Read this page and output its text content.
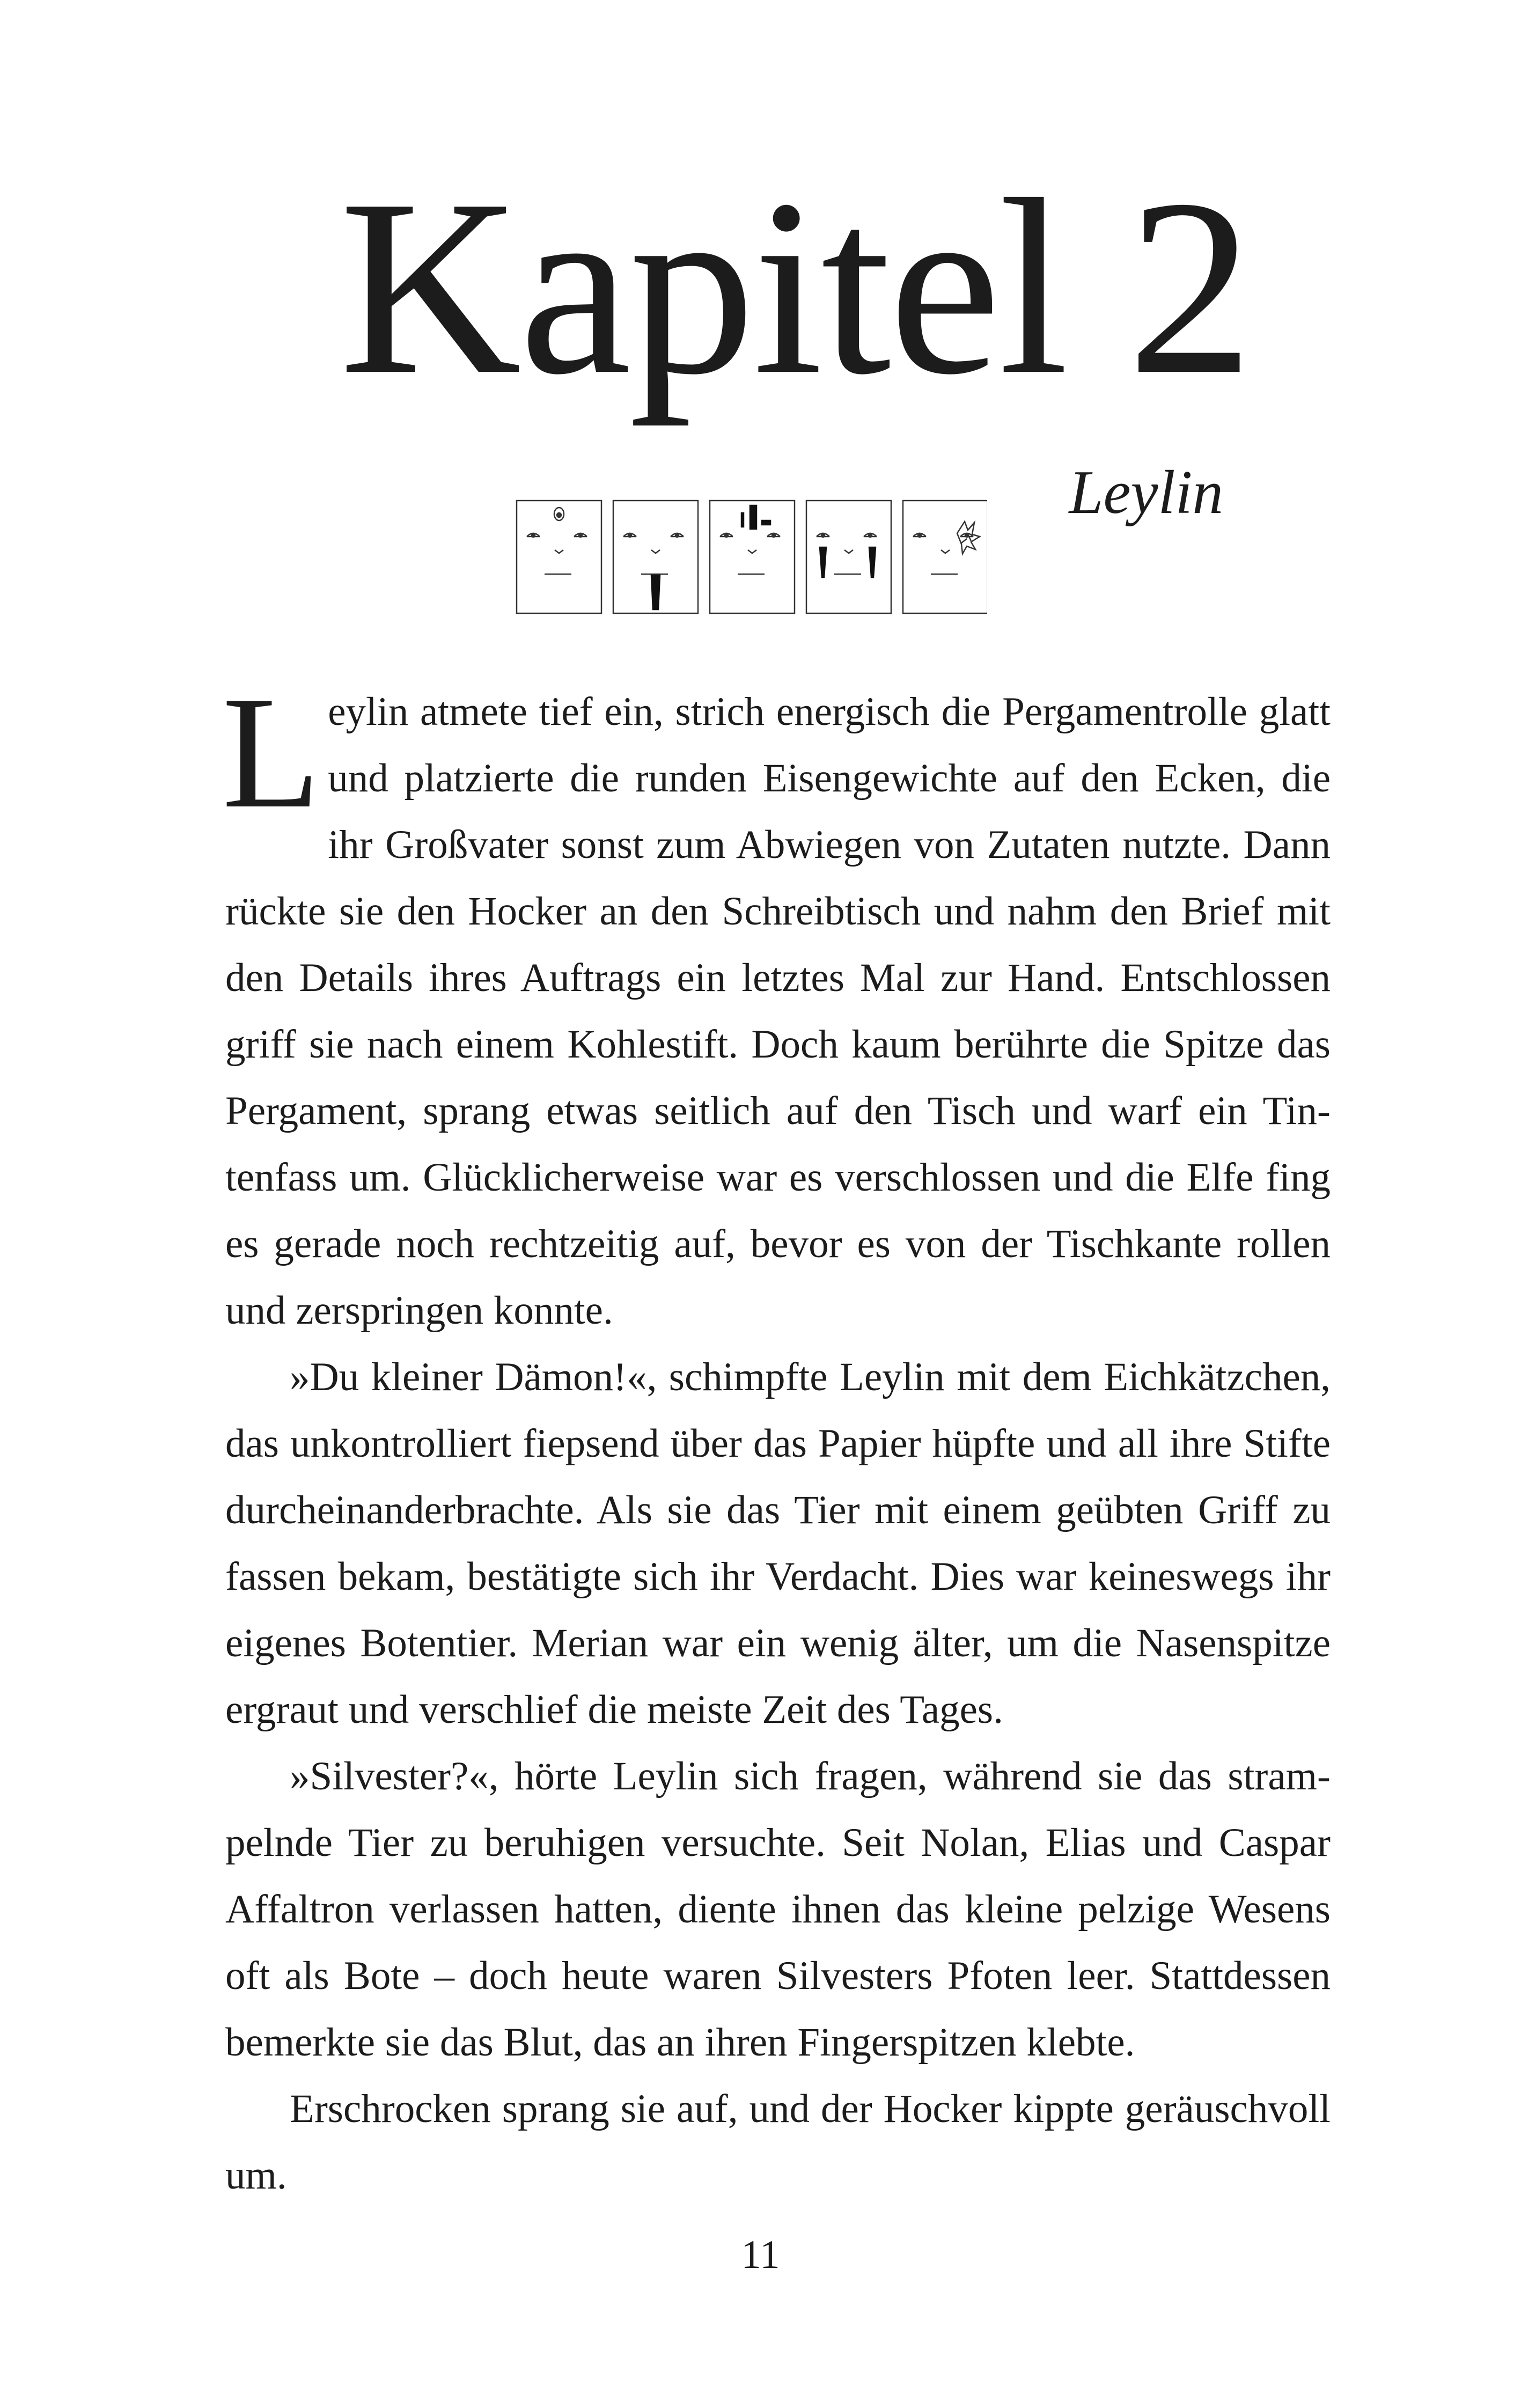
Kapitel 2
Leylin

Leylin atmete tief ein, strich energisch die Pergamentrolle glatt und platzierte die runden Eisengewichte auf den Ecken, die ihr Großvater sonst zum Abwiegen von Zutaten nutzte. Dann rückte sie den Hocker an den Schreibtisch und nahm den Brief mit den Details ihres Auftrags ein letztes Mal zur Hand. Entschlossen griff sie nach einem Kohlestift. Doch kaum berührte die Spitze das Pergament, sprang etwas seitlich auf den Tisch und warf ein Tintenfass um. Glücklicherweise war es verschlossen und die Elfe fing es gerade noch rechtzeitig auf, bevor es von der Tischkante rollen und zerspringen konnte.

»Du kleiner Dämon!«, schimpfte Leylin mit dem Eichkätzchen, das unkontrolliert fiepsend über das Papier hüpfte und all ihre Stifte durcheinanderbrachte. Als sie das Tier mit einem geübten Griff zu fassen bekam, bestätigte sich ihr Verdacht. Dies war keineswegs ihr eigenes Botentier. Merian war ein wenig älter, um die Nasenspitze ergraut und verschlief die meiste Zeit des Tages.

»Silvester?«, hörte Leylin sich fragen, während sie das strampelnde Tier zu beruhigen versuchte. Seit Nolan, Elias und Caspar Affaltron verlassen hatten, diente ihnen das kleine pelzige Wesens oft als Bote – doch heute waren Silvesters Pfoten leer. Stattdessen bemerkte sie das Blut, das an ihren Fingerspitzen klebte.

Erschrocken sprang sie auf, und der Hocker kippte geräuschvoll um.

11
